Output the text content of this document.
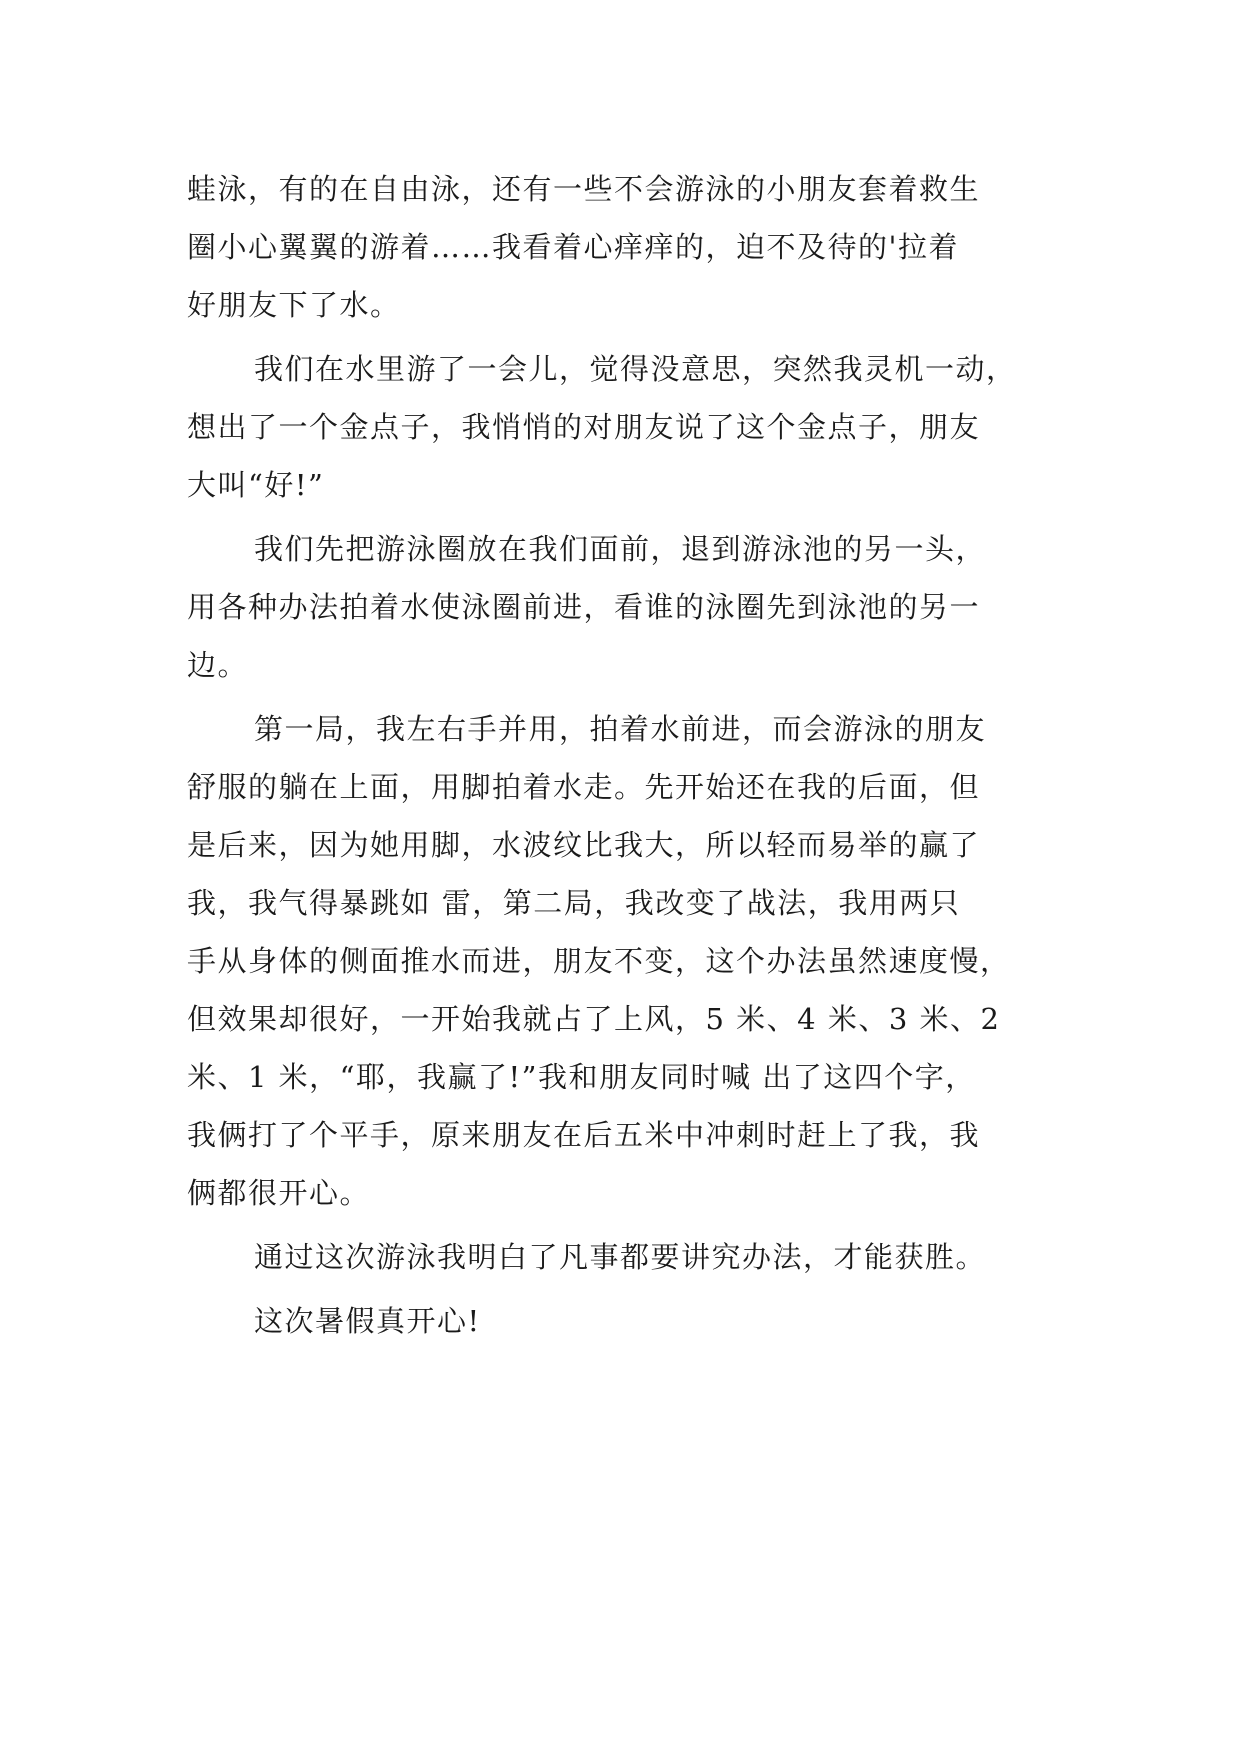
蛙泳，有的在自由泳，还有一些不会游泳的小朋友套着救生
圈小心翼翼的游着……我看着心痒痒的，迫不及待的'拉着
好朋友下了水。
我们在水里游了一会儿，觉得没意思，突然我灵机一动，
想出了一个金点子，我悄悄的对朋友说了这个金点子，朋友
大叫“好!”
我们先把游泳圈放在我们面前，退到游泳池的另一头，
用各种办法拍着水使泳圈前进，看谁的泳圈先到泳池的另一
边。
第一局，我左右手并用，拍着水前进，而会游泳的朋友
舒服的躺在上面，用脚拍着水走。先开始还在我的后面，但
是后来，因为她用脚，水波纹比我大，所以轻而易举的赢了
我，我气得暴跳如 雷，第二局，我改变了战法，我用两只
手从身体的侧面推水而进，朋友不变，这个办法虽然速度慢，
但效果却很好，一开始我就占了上风，5 米、4 米、3 米、2
米、1 米，“耶，我赢了!”我和朋友同时喊 出了这四个字，
我俩打了个平手，原来朋友在后五米中冲刺时赶上了我，我
俩都很开心。
通过这次游泳我明白了凡事都要讲究办法，才能获胜。
这次暑假真开心!
